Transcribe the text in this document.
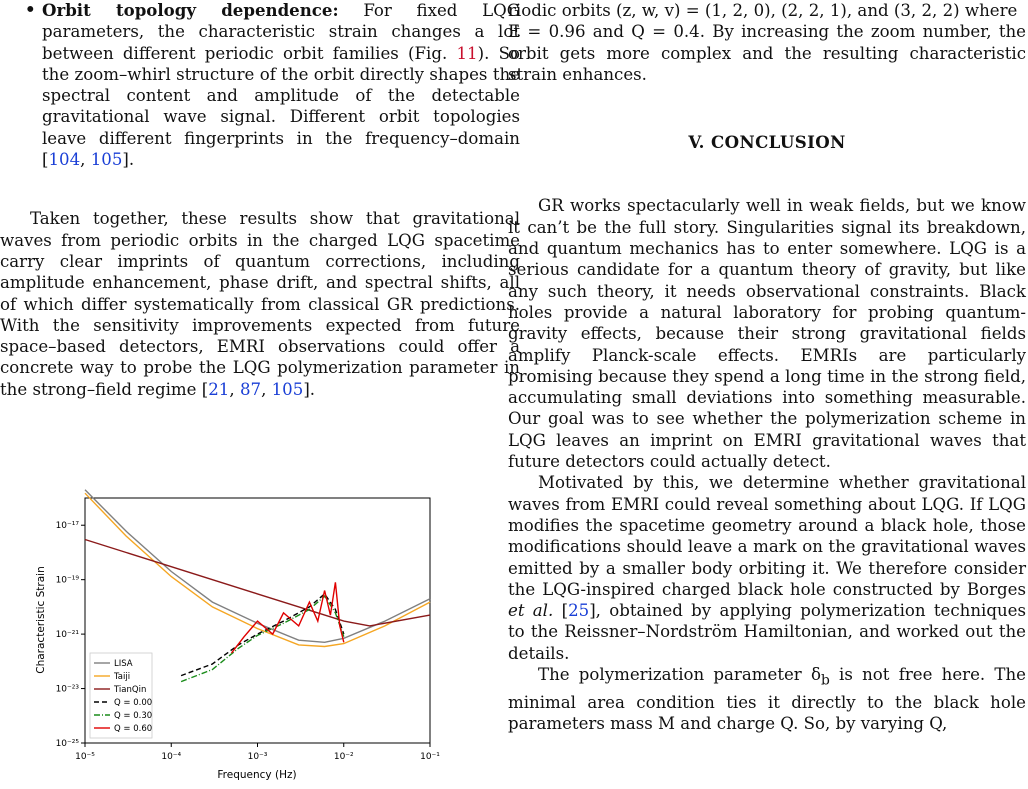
• Orbit topology dependence: For fixed LQG parameters, the characteristic strain changes a lot between different periodic orbit families (Fig. 11). So the zoom–whirl structure of the orbit directly shapes the spectral content and amplitude of the detectable gravitational wave signal. Different orbit topologies leave different fingerprints in the frequency–domain [104, 105].

Taken together, these results show that gravitational waves from periodic orbits in the charged LQG spacetime carry clear imprints of quantum corrections, including amplitude enhancement, phase drift, and spectral shifts, all of which differ systematically from classical GR predictions. With the sensitivity improvements expected from future space–based detectors, EMRI observations could offer a concrete way to probe the LQG polymerization parameter in the strong–field regime [21, 87, 105].

10⁻⁵	10⁻⁴	10⁻³	10⁻²	10⁻¹
10⁻²⁵
10⁻²³
10⁻²¹
10⁻¹⁹
10⁻¹⁷
Frequency (Hz)
Characteristic Strain	LISA
Taiji
TianQin
Q = 0.00
Q = 0.30
Q = 0.60

riodic orbits (z, w, v) = (1, 2, 0), (2, 2, 1), and (3, 2, 2) where

E = 0.96 and Q = 0.4. By increasing the zoom number, the orbit gets more complex and the resulting characteristic strain enhances.

V. CONCLUSION

GR works spectacularly well in weak fields, but we know it can’t be the full story. Singularities signal its breakdown, and quantum mechanics has to enter somewhere. LQG is a serious candidate for a quantum theory of gravity, but like any such theory, it needs observational constraints. Black holes provide a natural laboratory for probing quantum-gravity effects, because their strong gravitational fields amplify Planck-scale effects. EMRIs are particularly promising because they spend a long time in the strong field, accumulating small deviations into something measurable. Our goal was to see whether the polymerization scheme in LQG leaves an imprint on EMRI gravitational waves that future detectors could actually detect.

Motivated by this, we determine whether gravitational waves from EMRI could reveal something about LQG. If LQG modifies the spacetime geometry around a black hole, those modifications should leave a mark on the gravitational waves emitted by a smaller body orbiting it. We therefore consider the LQG-inspired charged black hole constructed by Borges et al. [25], obtained by applying polymerization techniques to the Reissner–Nordström Hamiltonian, and worked out the details.

The polymerization parameter $\delta_b$ is not free here. The minimal area condition ties it directly to the black hole parameters mass M and charge Q. So, by varying Q,
